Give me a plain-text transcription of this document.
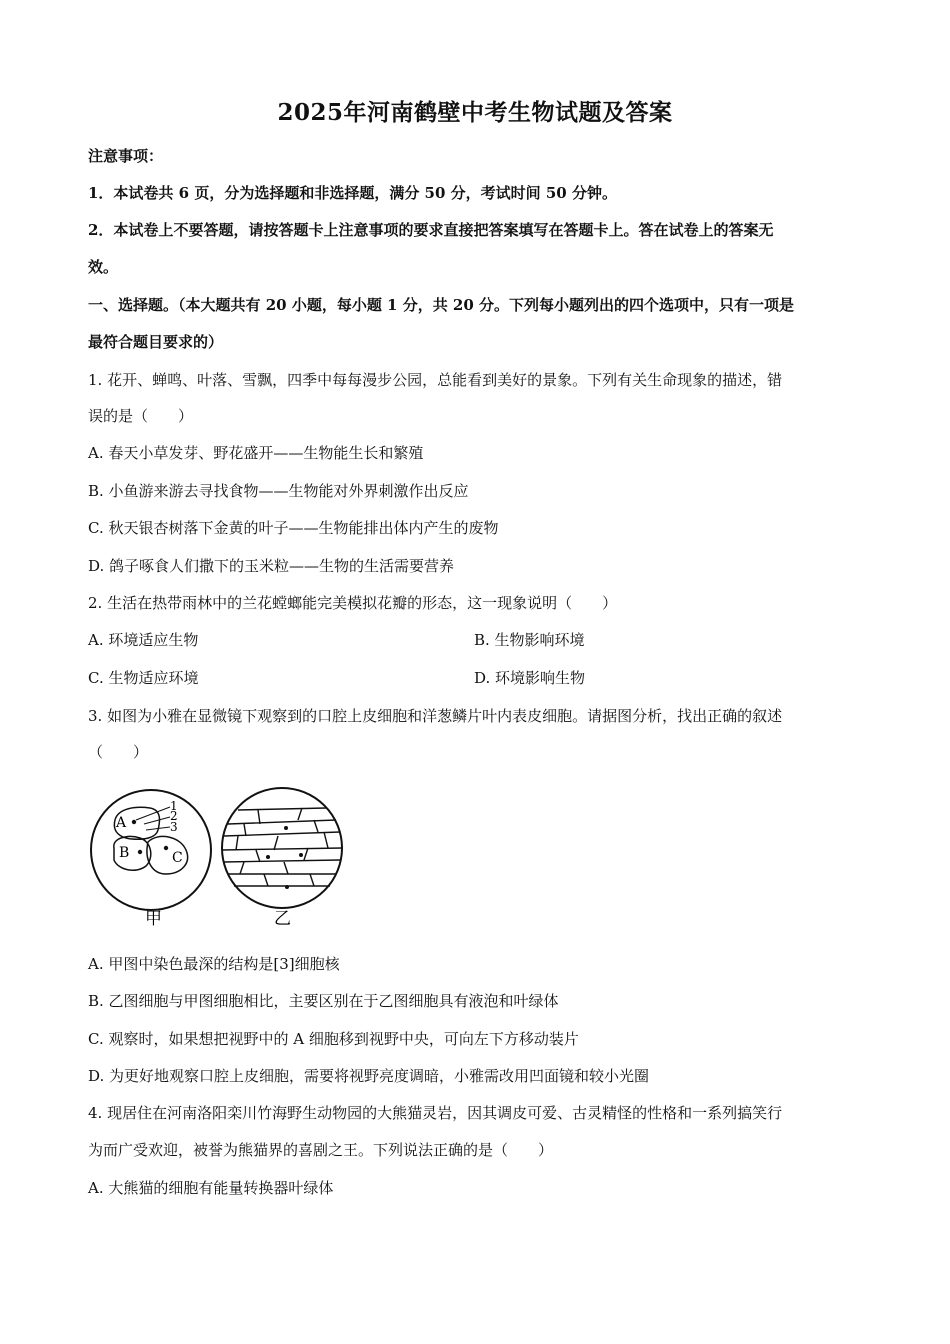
2025年河南鹤壁中考生物试题及答案
注意事项：
1．本试卷共 6 页，分为选择题和非选择题，满分 50 分，考试时间 50 分钟。
2．本试卷上不要答题，请按答题卡上注意事项的要求直接把答案填写在答题卡上。答在试卷上的答案无
效。
一、选择题。（本大题共有 20 小题，每小题 1 分，共 20 分。下列每小题列出的四个选项中，只有一项是
最符合题目要求的）
1. 花开、蝉鸣、叶落、雪飘，四季中每每漫步公园，总能看到美好的景象。下列有关生命现象的描述，错
误的是（　　）
A. 春天小草发芽、野花盛开——生物能生长和繁殖
B. 小鱼游来游去寻找食物——生物能对外界刺激作出反应
C. 秋天银杏树落下金黄的叶子——生物能排出体内产生的废物
D. 鸽子啄食人们撒下的玉米粒——生物的生活需要营养
2. 生活在热带雨林中的兰花螳螂能完美模拟花瓣的形态，这一现象说明（　　）
A. 环境适应生物	B. 生物影响环境
C. 生物适应环境	D. 环境影响生物
3. 如图为小雅在显微镜下观察到的口腔上皮细胞和洋葱鳞片叶内表皮细胞。请据图分析，找出正确的叙述
（　　）
1
2
3
A
B	C
甲	乙
A. 甲图中染色最深的结构是[3]细胞核
B. 乙图细胞与甲图细胞相比，主要区别在于乙图细胞具有液泡和叶绿体
C. 观察时，如果想把视野中的 A 细胞移到视野中央，可向左下方移动装片
D. 为更好地观察口腔上皮细胞，需要将视野亮度调暗，小雅需改用凹面镜和较小光圈
4. 现居住在河南洛阳栾川竹海野生动物园的大熊猫灵岩，因其调皮可爱、古灵精怪的性格和一系列搞笑行
为而广受欢迎，被誉为熊猫界的喜剧之王。下列说法正确的是（　　）
A. 大熊猫的细胞有能量转换器叶绿体
